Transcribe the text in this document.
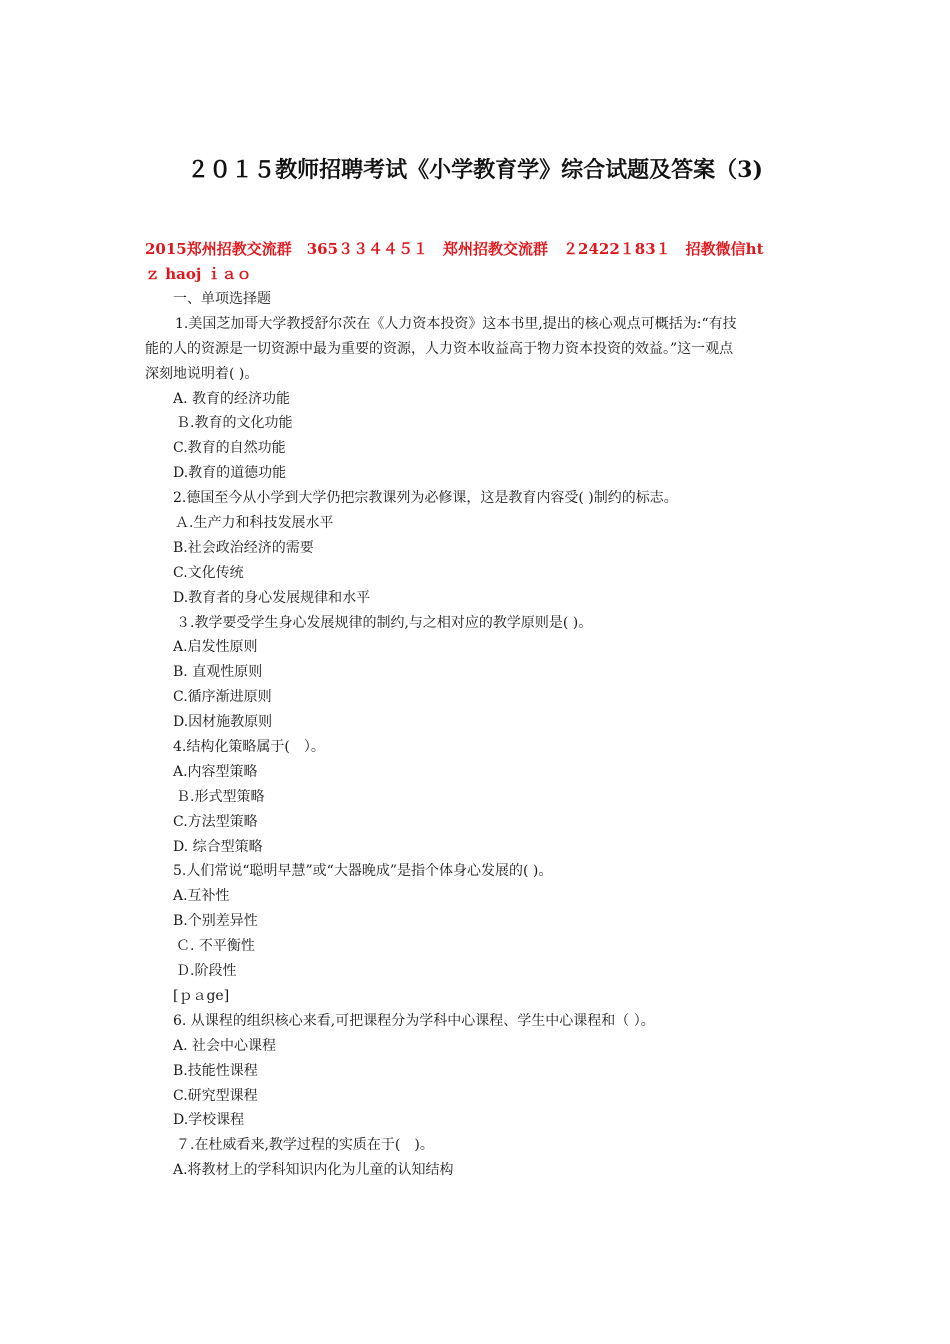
２０１５教师招聘考试《小学教育学》综合试题及答案（3)
2015郑州招教交流群　365３３４４５１　郑州招教交流群　２2422１83１　招教微信ht
ｚ haoj ｉａｏ
一、单项选择题
1.美国芝加哥大学教授舒尔茨在《人力资本投资》这本书里,提出的核心观点可概括为:“有技
能的人的资源是一切资源中最为重要的资源，人力资本收益高于物力资本投资的效益。”这一观点
深刻地说明着( )。
A. 教育的经济功能
Ｂ.教育的文化功能
C.教育的自然功能
D.教育的道德功能
2.德国至今从小学到大学仍把宗教课列为必修课，这是教育内容受( )制约的标志。
Ａ.生产力和科技发展水平
B.社会政治经济的需要
C.文化传统
D.教育者的身心发展规律和水平
３.教学要受学生身心发展规律的制约,与之相对应的教学原则是( )。
A.启发性原则
B. 直观性原则
C.循序渐进原则
D.因材施教原则
4.结构化策略属于(　）。
A.内容型策略
Ｂ.形式型策略
C.方法型策略
D. 综合型策略
5.人们常说“聪明早慧”或“大器晚成”是指个体身心发展的( )。
A.互补性
B.个别差异性
Ｃ. 不平衡性
Ｄ.阶段性
[ｐａge]
6. 从课程的组织核心来看,可把课程分为学科中心课程、学生中心课程和（ ）。
A. 社会中心课程
B.技能性课程
C.研究型课程
D.学校课程
７.在杜威看来,教学过程的实质在于(　)。
A.将教材上的学科知识内化为儿童的认知结构
